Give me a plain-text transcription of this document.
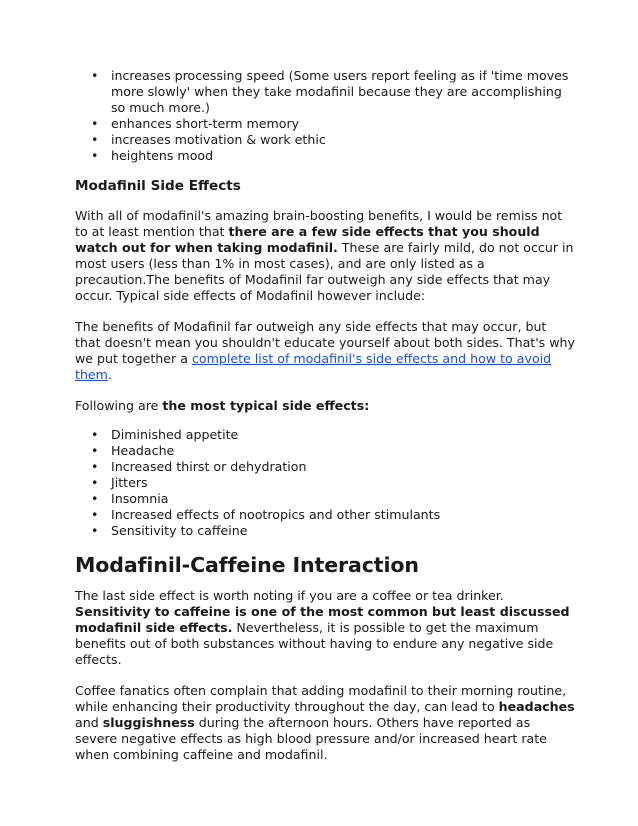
• increases processing speed (Some users report feeling as if 'time moves more slowly' when they take modafinil because they are accomplishing so much more.)
• enhances short-term memory
• increases motivation & work ethic
• heightens mood
Modafinil Side Effects

With all of modafinil's amazing brain-boosting benefits, I would be remiss not to at least mention that there are a few side effects that you should watch out for when taking modafinil. These are fairly mild, do not occur in most users (less than 1% in most cases), and are only listed as a precaution.The benefits of Modafinil far outweigh any side effects that may occur. Typical side effects of Modafinil however include:

The benefits of Modafinil far outweigh any side effects that may occur, but that doesn't mean you shouldn't educate yourself about both sides. That's why we put together a complete list of modafinil's side effects and how to avoid them.

Following are the most typical side effects:

• Diminished appetite
• Headache
• Increased thirst or dehydration
• Jitters
• Insomnia
• Increased effects of nootropics and other stimulants
• Sensitivity to caffeine
Modafinil-Caffeine Interaction

The last side effect is worth noting if you are a coffee or tea drinker. Sensitivity to caffeine is one of the most common but least discussed modafinil side effects. Nevertheless, it is possible to get the maximum benefits out of both substances without having to endure any negative side effects.

Coffee fanatics often complain that adding modafinil to their morning routine, while enhancing their productivity throughout the day, can lead to headaches and sluggishness during the afternoon hours. Others have reported as severe negative effects as high blood pressure and/or increased heart rate when combining caffeine and modafinil.
